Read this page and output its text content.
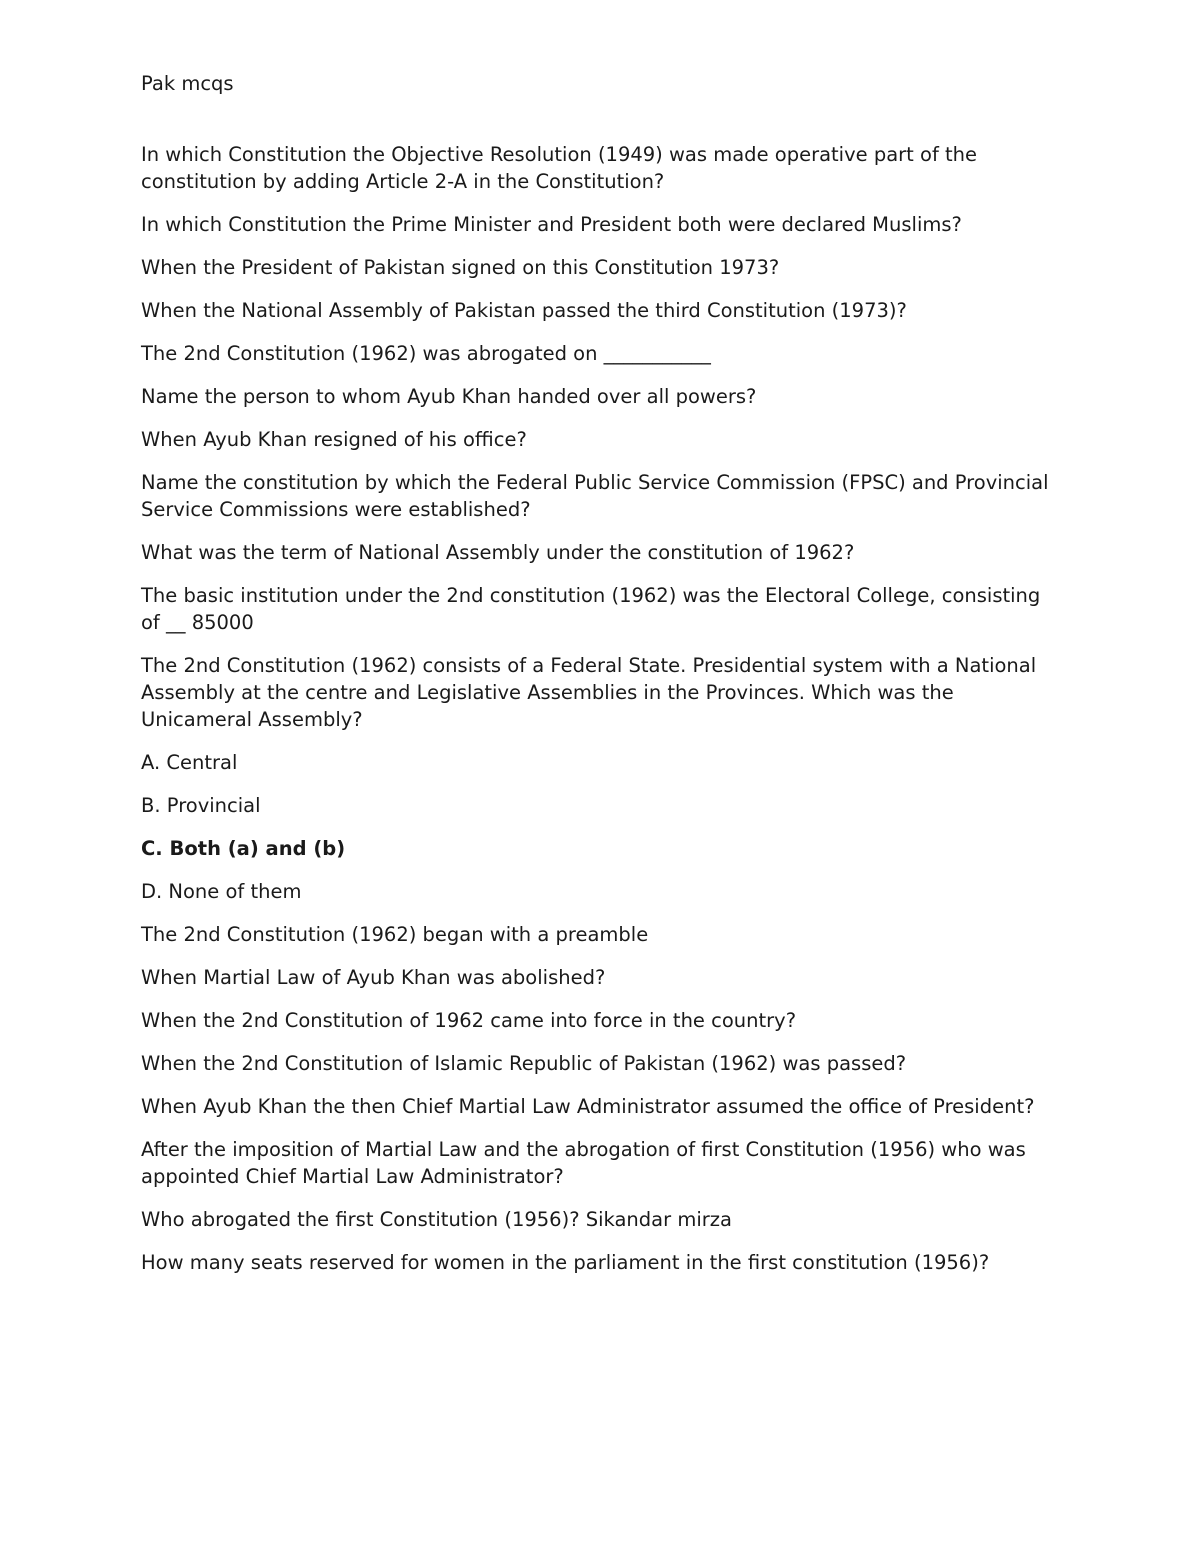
Pak mcqs

In which Constitution the Objective Resolution (1949) was made operative part of the constitution by adding Article 2-A in the Constitution?

In which Constitution the Prime Minister and President both were declared Muslims?

When the President of Pakistan signed on this Constitution 1973?

When the National Assembly of Pakistan passed the third Constitution (1973)?

The 2nd Constitution (1962) was abrogated on ___________

Name the person to whom Ayub Khan handed over all powers?

When Ayub Khan resigned of his office?

Name the constitution by which the Federal Public Service Commission (FPSC) and Provincial Service Commissions were established?

What was the term of National Assembly under the constitution of 1962?

The basic institution under the 2nd constitution (1962) was the Electoral College, consisting of __ 85000

The 2nd Constitution (1962) consists of a Federal State. Presidential system with a National Assembly at the centre and Legislative Assemblies in the Provinces. Which was the Unicameral Assembly?

A. Central

B. Provincial

C. Both (a) and (b)

D. None of them

The 2nd Constitution (1962) began with a preamble

When Martial Law of Ayub Khan was abolished?

When the 2nd Constitution of 1962 came into force in the country?

When the 2nd Constitution of Islamic Republic of Pakistan (1962) was passed?

When Ayub Khan the then Chief Martial Law Administrator assumed the office of President?

After the imposition of Martial Law and the abrogation of first Constitution (1956) who was appointed Chief Martial Law Administrator?

Who abrogated the first Constitution (1956)? Sikandar mirza

How many seats reserved for women in the parliament in the first constitution (1956)?
